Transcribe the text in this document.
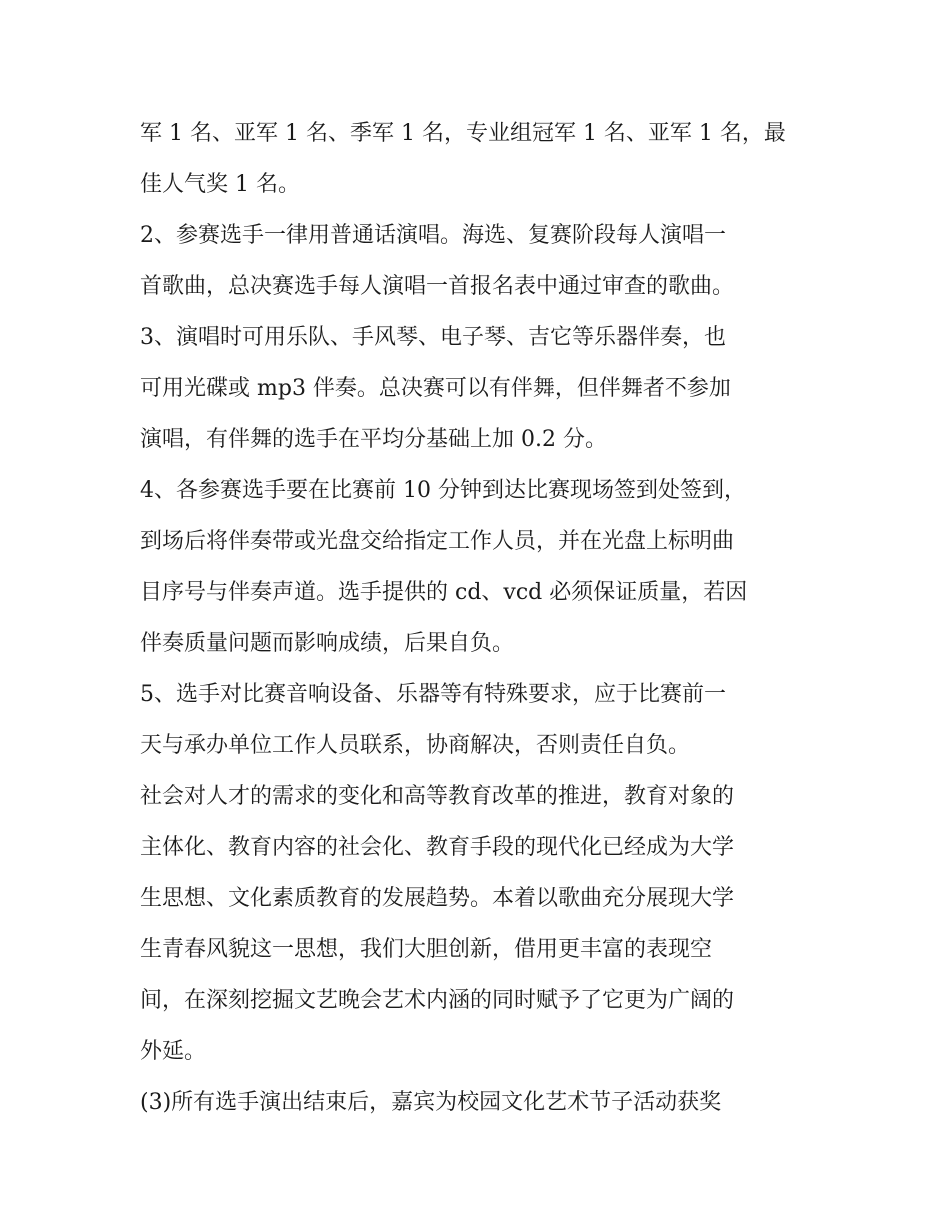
军 1 名、亚军 1 名、季军 1 名，专业组冠军 1 名、亚军 1 名，最
佳人气奖 1 名。
2、参赛选手一律用普通话演唱。海选、复赛阶段每人演唱一
首歌曲，总决赛选手每人演唱一首报名表中通过审查的歌曲。
3、演唱时可用乐队、手风琴、电子琴、吉它等乐器伴奏，也
可用光碟或 mp3 伴奏。总决赛可以有伴舞，但伴舞者不参加
演唱，有伴舞的选手在平均分基础上加 0.2 分。
4、各参赛选手要在比赛前 10 分钟到达比赛现场签到处签到，
到场后将伴奏带或光盘交给指定工作人员，并在光盘上标明曲
目序号与伴奏声道。选手提供的 cd、vcd 必须保证质量，若因
伴奏质量问题而影响成绩，后果自负。
5、选手对比赛音响设备、乐器等有特殊要求，应于比赛前一
天与承办单位工作人员联系，协商解决，否则责任自负。
社会对人才的需求的变化和高等教育改革的推进，教育对象的
主体化、教育内容的社会化、教育手段的现代化已经成为大学
生思想、文化素质教育的发展趋势。本着以歌曲充分展现大学
生青春风貌这一思想，我们大胆创新，借用更丰富的表现空
间，在深刻挖掘文艺晚会艺术内涵的同时赋予了它更为广阔的
外延。
(3)所有选手演出结束后，嘉宾为校园文化艺术节子活动获奖
